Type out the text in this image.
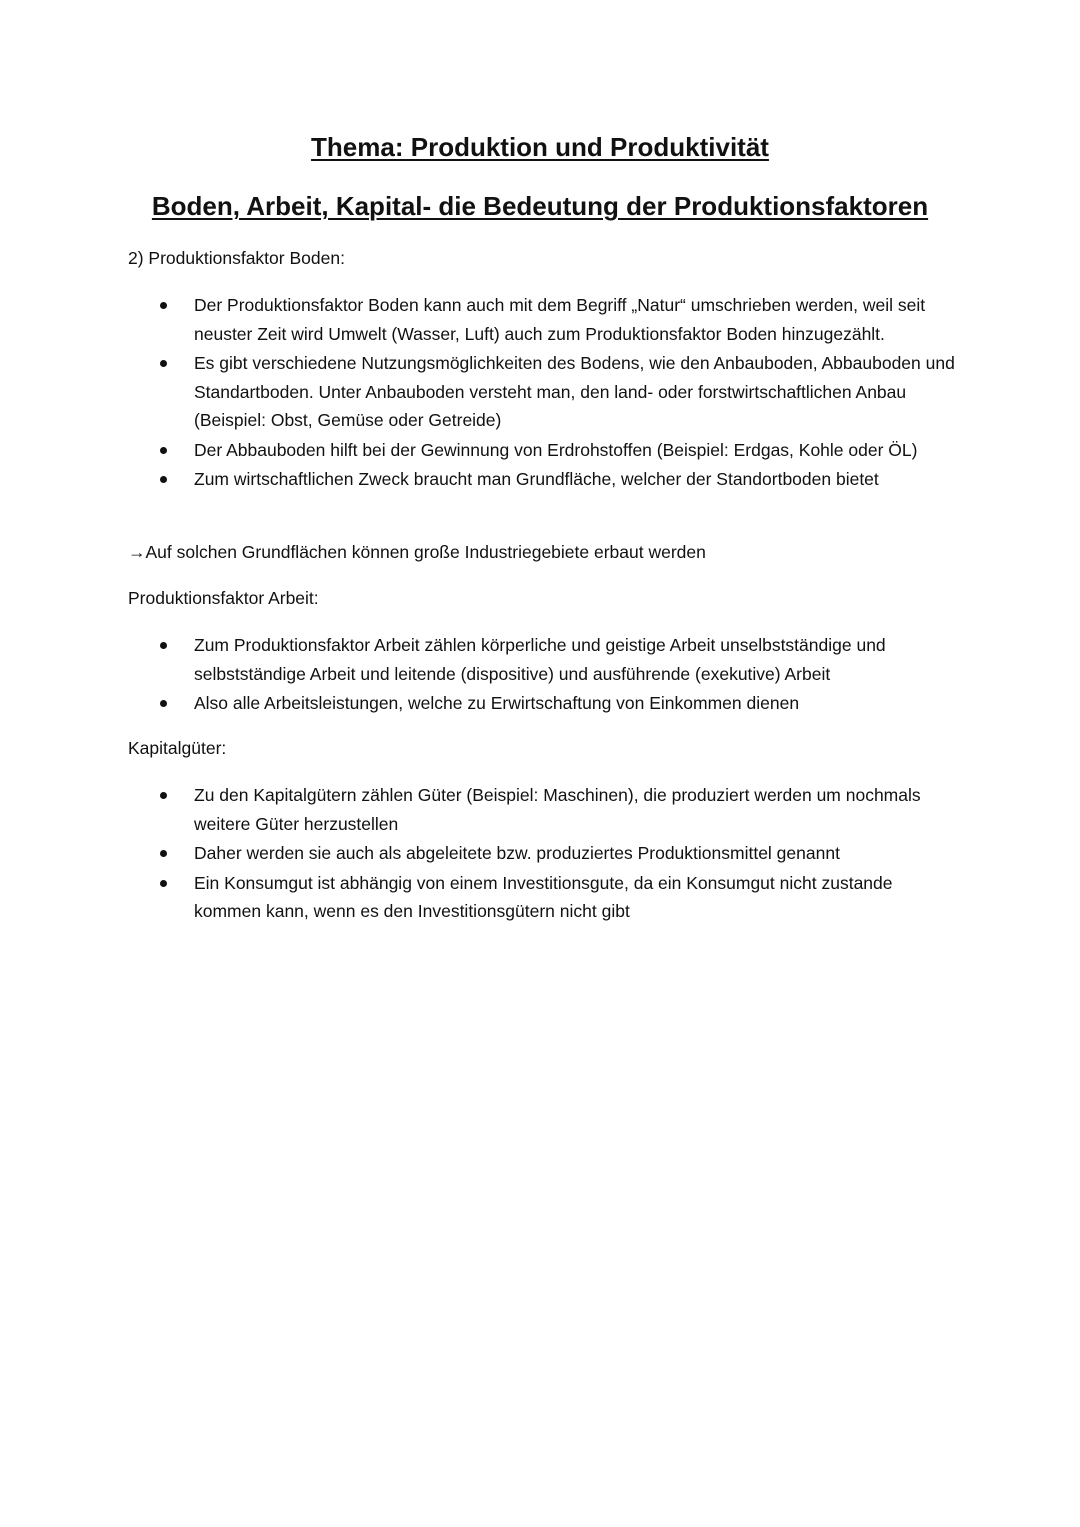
Thema: Produktion und Produktivität
Boden, Arbeit, Kapital- die Bedeutung der Produktionsfaktoren

2) Produktionsfaktor Boden:

Der Produktionsfaktor Boden kann auch mit dem Begriff „Natur“ umschrieben werden, weil seit neuster Zeit wird Umwelt (Wasser, Luft) auch zum Produktionsfaktor Boden hinzugezählt.
Es gibt verschiedene Nutzungsmöglichkeiten des Bodens, wie den Anbauboden, Abbauboden und Standartboden. Unter Anbauboden versteht man, den land- oder forstwirtschaftlichen Anbau (Beispiel: Obst, Gemüse oder Getreide)
Der Abbauboden hilft bei der Gewinnung von Erdrohstoffen (Beispiel: Erdgas, Kohle oder ÖL)
Zum wirtschaftlichen Zweck braucht man Grundfläche, welcher der Standortboden bietet

→Auf solchen Grundflächen können große Industriegebiete erbaut werden

Produktionsfaktor Arbeit:

Zum Produktionsfaktor Arbeit zählen körperliche und geistige Arbeit unselbstständige und selbstständige Arbeit und leitende (dispositive) und ausführende (exekutive) Arbeit
Also alle Arbeitsleistungen, welche zu Erwirtschaftung von Einkommen dienen

Kapitalgüter:

Zu den Kapitalgütern zählen Güter (Beispiel: Maschinen), die produziert werden um nochmals weitere Güter herzustellen
Daher werden sie auch als abgeleitete bzw. produziertes Produktionsmittel genannt
Ein Konsumgut ist abhängig von einem Investitionsgute, da ein Konsumgut nicht zustande kommen kann, wenn es den Investitionsgütern nicht gibt
